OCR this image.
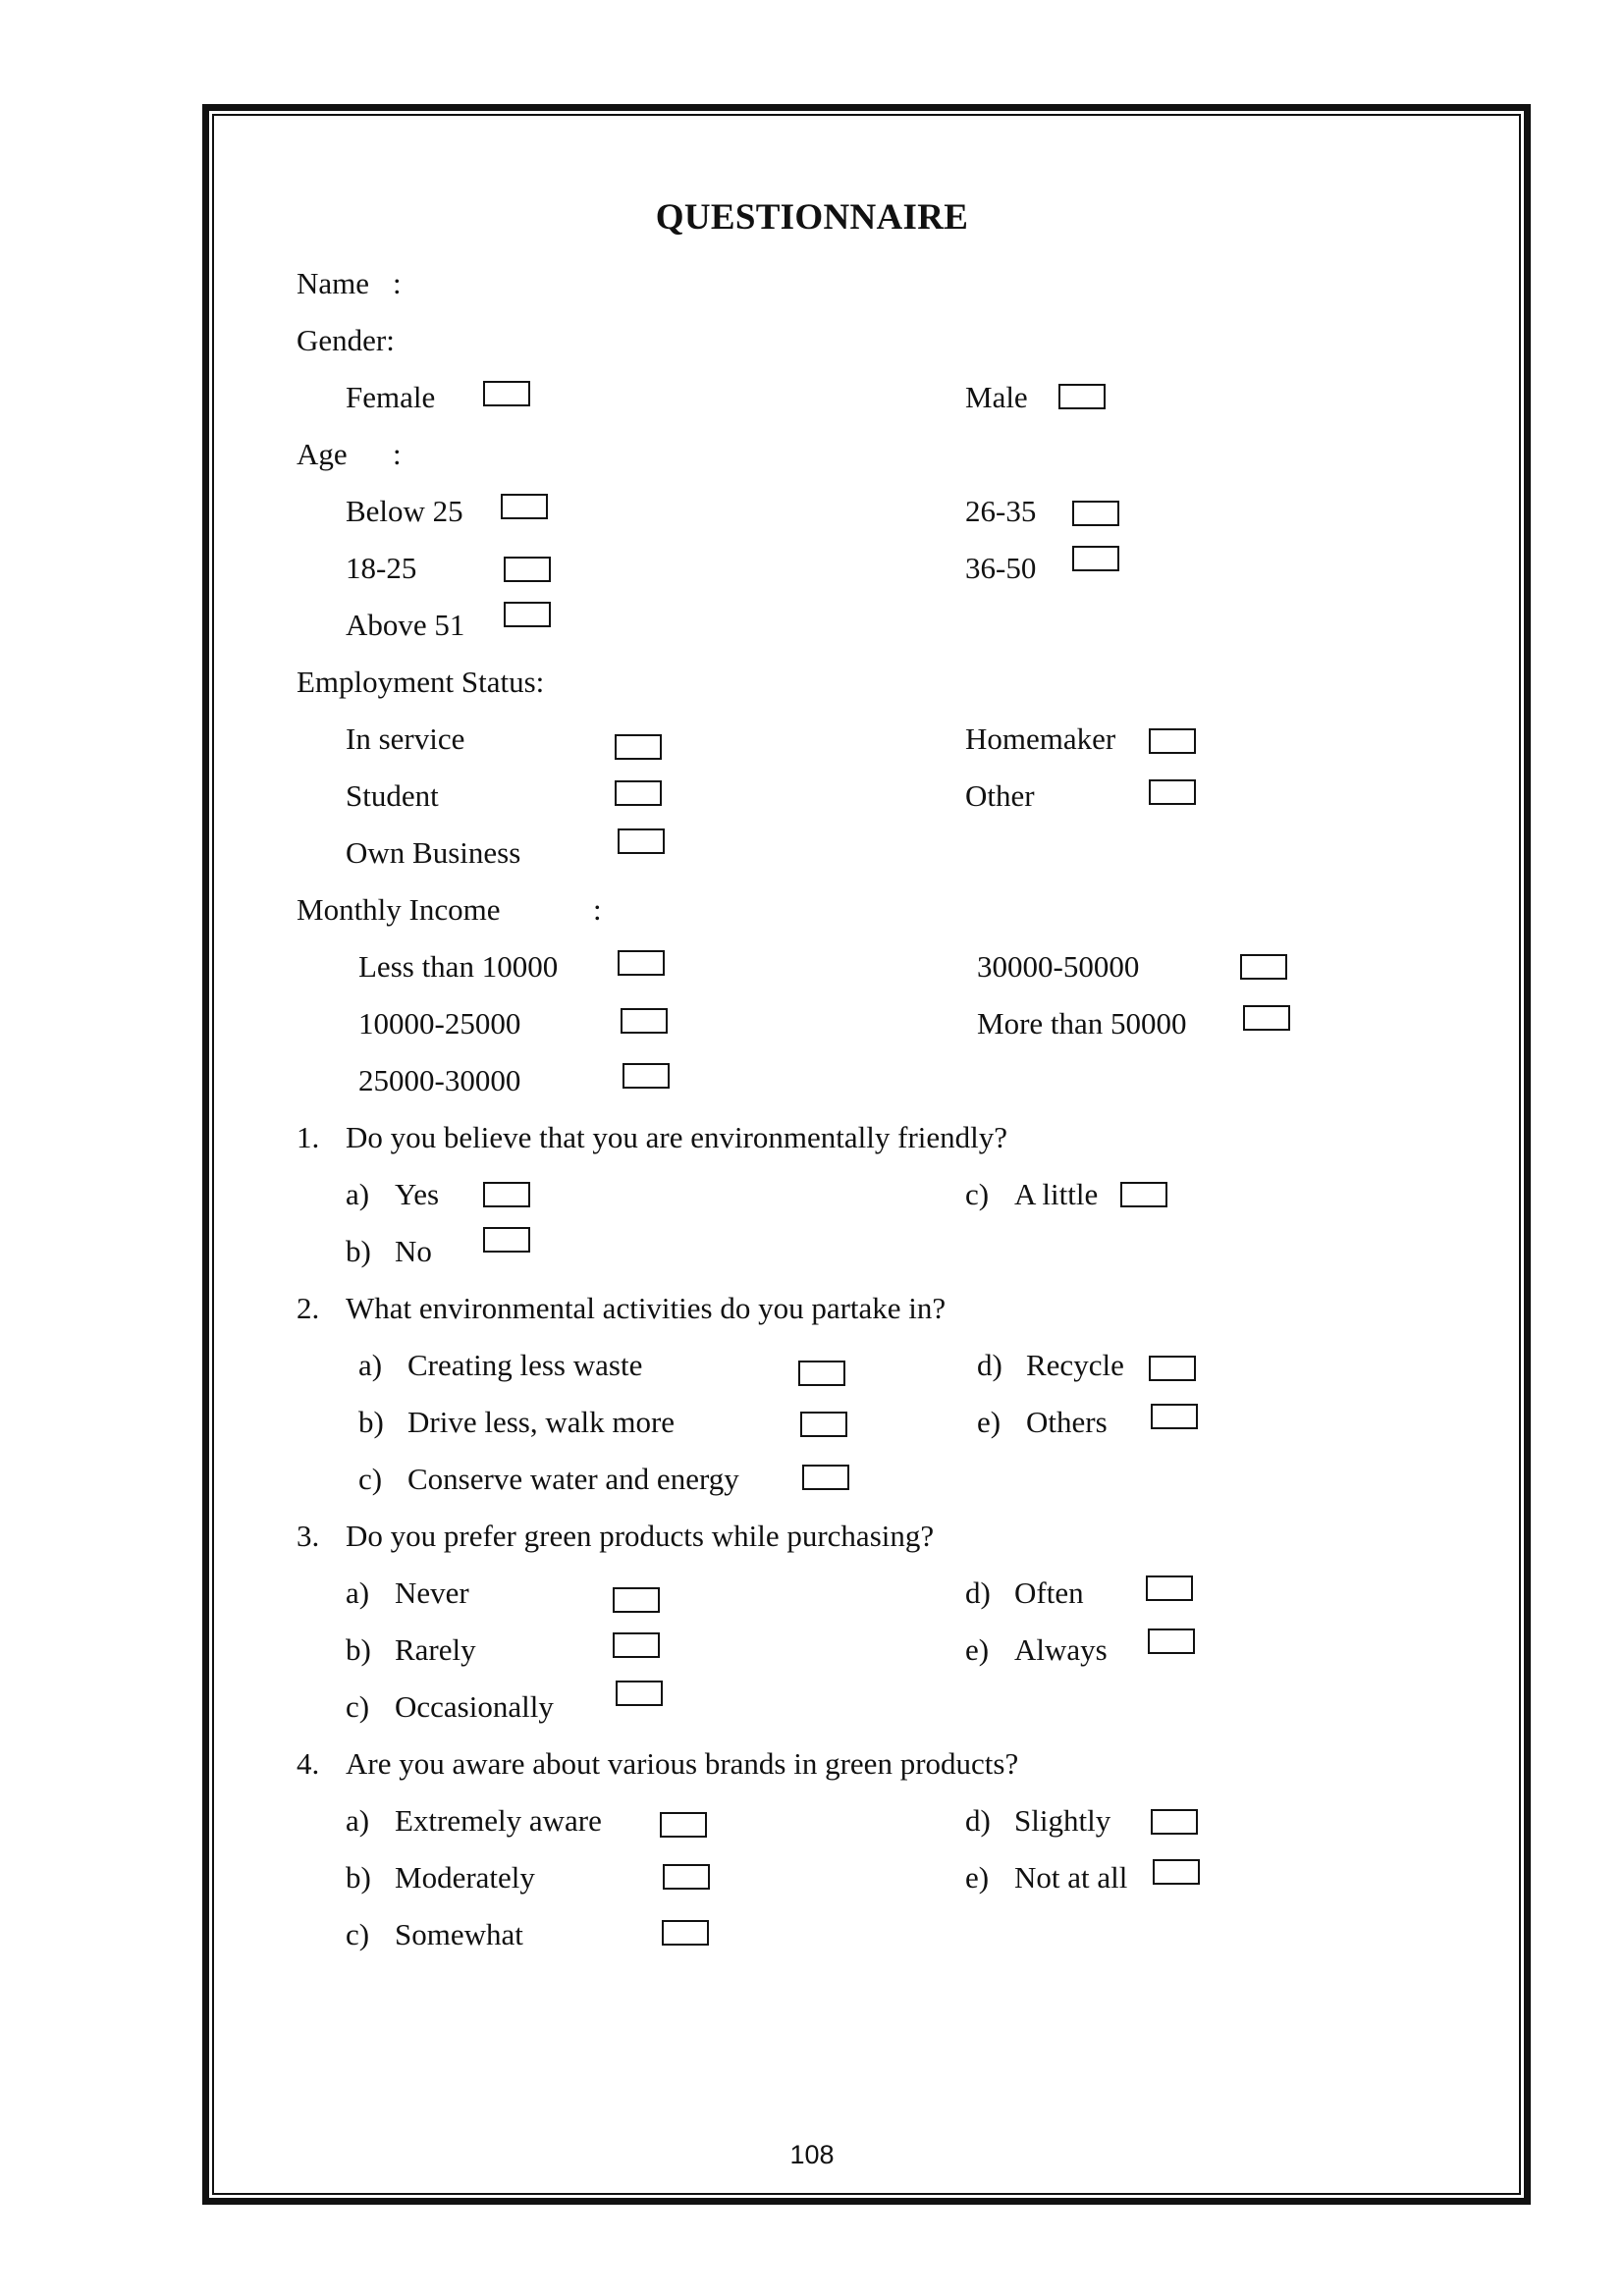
QUESTIONNAIRE
Name :
Gender:
Female	Male
Age :
Below 25
18-25
Above 51
26-35
36-50
Employment Status:
In service
Student
Own Business
Homemaker
Other
Monthly Income	:
Less than 10000
10000-25000
25000-30000
30000-50000
More than 50000
1. Do you believe that you are environmentally friendly?
a) Yes
b) No
c) A little
2. What environmental activities do you partake in?
a) Creating less waste
b) Drive less, walk more
c) Conserve water and energy
d) Recycle
e) Others
3. Do you prefer green products while purchasing?
a) Never
b) Rarely
c) Occasionally
d) Often
e) Always
4. Are you aware about various brands in green products?
a) Extremely aware
b) Moderately
c) Somewhat
d) Slightly
e) Not at all
108
